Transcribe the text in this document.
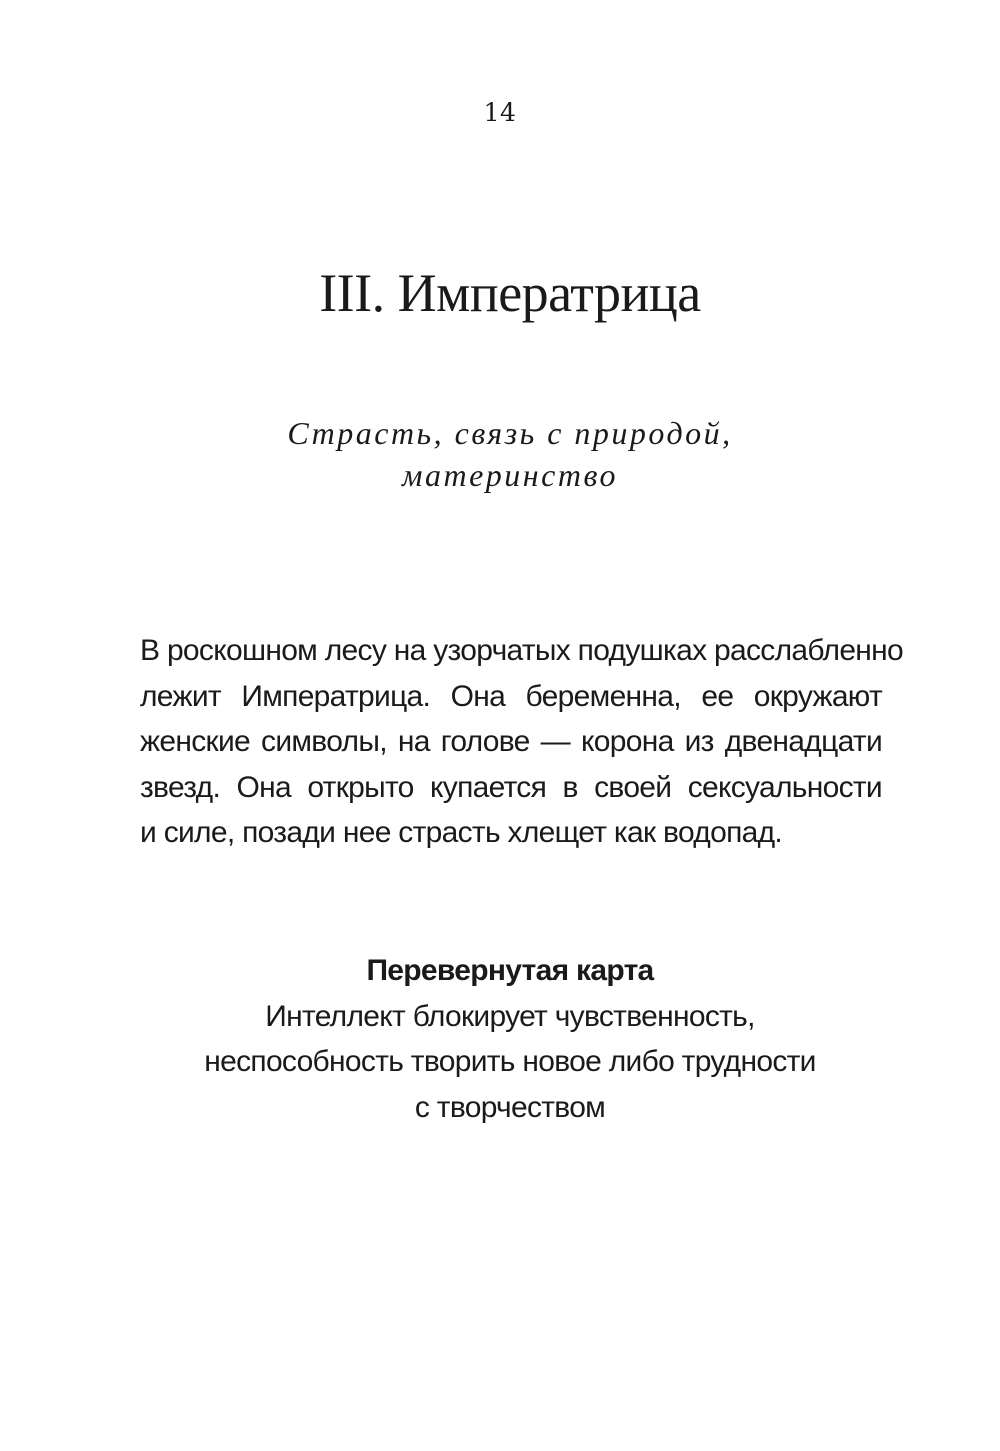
14
III. Императрица
Страсть, связь с природой,
материнство

В роскошном лесу на узорчатых подушках расслабленно
лежит Императрица. Она беременна, ее окружают
женские символы, на голове — корона из двенадцати
звезд. Она открыто купается в своей сексуальности
и силе, позади нее страсть хлещет как водопад.

Перевернутая карта
Интеллект блокирует чувственность,
неспособность творить новое либо трудности
с творчеством
